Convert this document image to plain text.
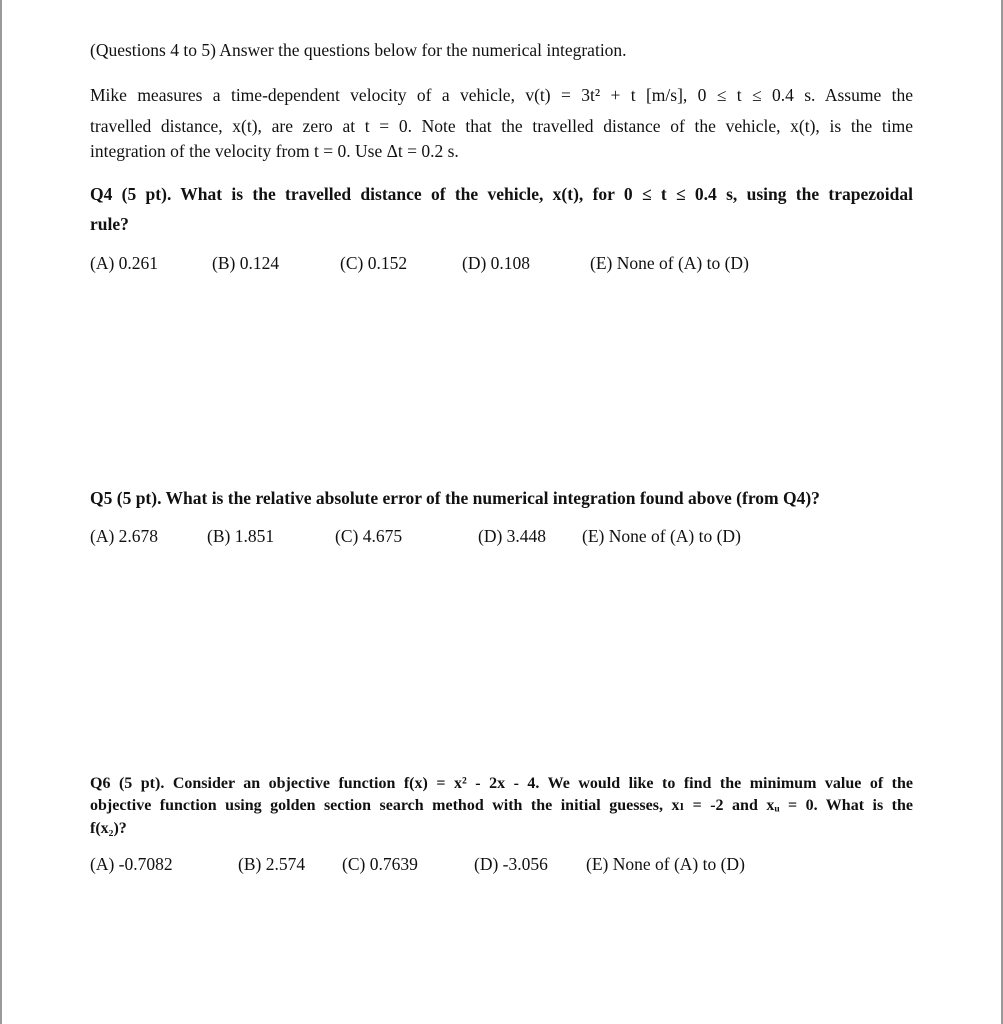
(Questions 4 to 5) Answer the questions below for the numerical integration.
Mike measures a time-dependent velocity of a vehicle, v(t) = 3t² + t [m/s], 0 ≤ t ≤ 0.4 s. Assume the
travelled distance, x(t), are zero at t = 0. Note that the travelled distance of the vehicle, x(t), is the time
integration of the velocity from t = 0. Use Δt = 0.2 s.
Q4 (5 pt). What is the travelled distance of the vehicle, x(t), for 0 ≤ t ≤ 0.4 s, using the trapezoidal
rule?
(A) 0.261	(B) 0.124	(C) 0.152	(D) 0.108	(E) None of (A) to (D)
Q5 (5 pt). What is the relative absolute error of the numerical integration found above (from Q4)?
(A) 2.678	(B) 1.851	(C) 4.675	(D) 3.448 (E) None of (A) to (D)
Q6 (5 pt). Consider an objective function f(x) = x² - 2x - 4. We would like to find the minimum value of the
objective function using golden section search method with the initial guesses, xₗ = -2 and xᵤ = 0. What is the
f(x₂)?
(A) -0.7082	(B) 2.574 (C) 0.7639	(D) -3.056 (E) None of (A) to (D)
